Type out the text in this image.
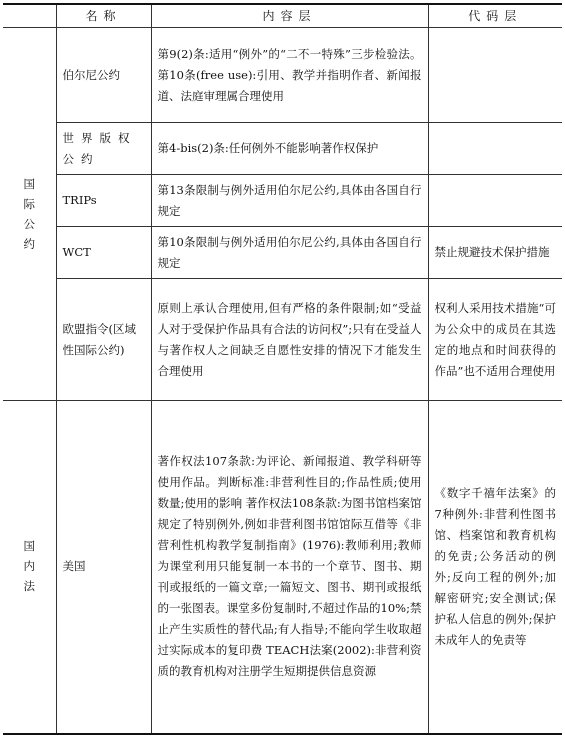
	名称	内容层	代码层
国际公约	伯尔尼公约	第9(2)条:适用“例外”的“二不一特殊”三步检验法。第10条(free use):引用、教学并指明作者、新闻报道、法庭审理属合理使用	
	世界版权公约	第4-bis(2)条:任何例外不能影响著作权保护	
	TRIPs	第13条限制与例外适用伯尔尼公约,具体由各国自行规定	
	WCT	第10条限制与例外适用伯尔尼公约,具体由各国自行规定	禁止规避技术保护措施
	欧盟指令(区域性国际公约)	原则上承认合理使用,但有严格的条件限制;如“受益人对于受保护作品具有合法的访问权”;只有在受益人与著作权人之间缺乏自愿性安排的情况下才能发生合理使用	权利人采用技术措施“可为公众中的成员在其选定的地点和时间获得的作品”也不适用合理使用
国内法	美国	著作权法107条款:为评论、新闻报道、教学科研等使用作品。判断标准:非营利性目的;作品性质;使用数量;使用的影响 著作权法108条款:为图书馆档案馆规定了特别例外,例如非营利图书馆馆际互借等《非营利性机构教学复制指南》(1976):教师利用;教师为课堂利用只能复制一本书的一个章节、图书、期刊或报纸的一篇文章;一篇短文、图书、期刊或报纸的一张图表。课堂多份复制时,不超过作品的10%;禁止产生实质性的替代品;有人指导;不能向学生收取超过实际成本的复印费 TEACH法案(2002):非营利资质的教育机构对注册学生短期提供信息资源	《数字千禧年法案》的7种例外:非营利性图书馆、档案馆和教育机构的免责;公务活动的例外;反向工程的例外;加解密研究;安全测试;保护私人信息的例外;保护未成年人的免责等
